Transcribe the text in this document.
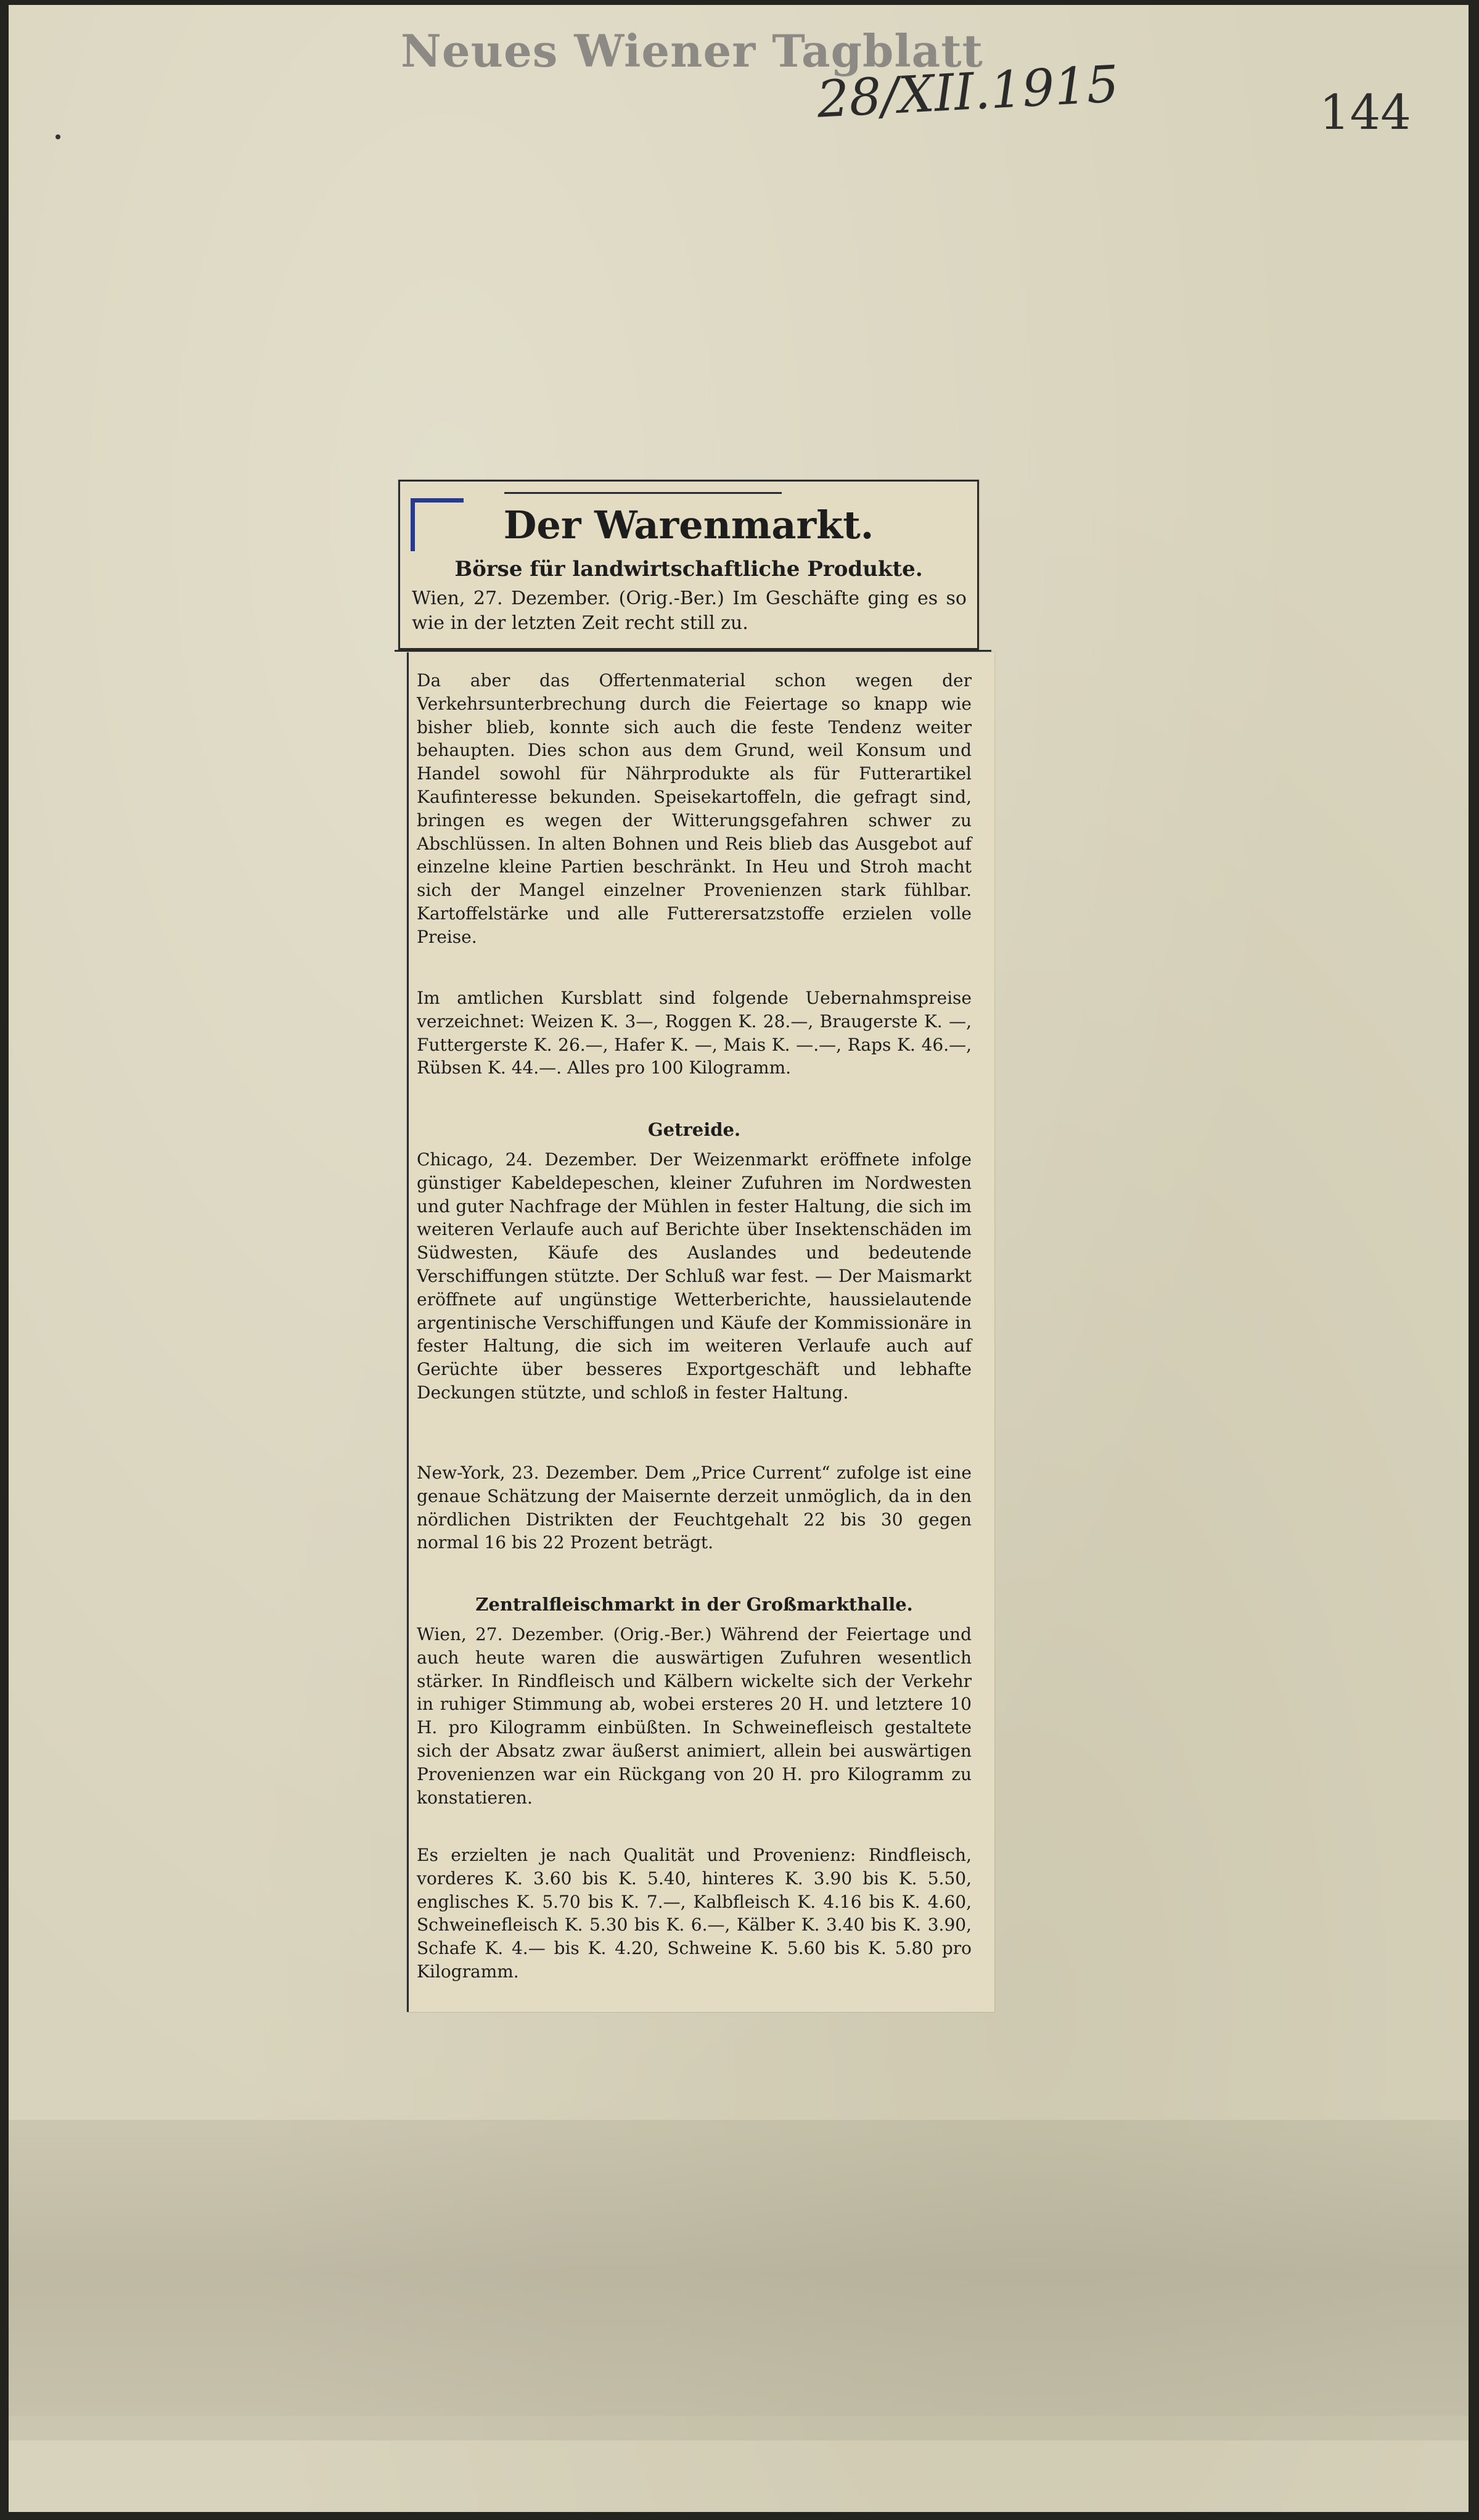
Neues Wiener Tagblatt
28/XII.1915	144
Der Warenmarkt.
Börse für landwirtschaftliche Produkte.
Wien, 27. Dezember. (Orig.-Ber.) Im Geschäfte ging es so wie in der letzten Zeit recht still zu.
Da aber das Offertenmaterial schon wegen der Verkehrsunterbrechung durch die Feiertage so knapp wie bisher blieb, konnte sich auch die feste Tendenz weiter behaupten. Dies schon aus dem Grund, weil Konsum und Handel sowohl für Nährprodukte als für Futterartikel Kaufinteresse bekunden. Speisekartoffeln, die gefragt sind, bringen es wegen der Witterungsgefahren schwer zu Abschlüssen. In alten Bohnen und Reis blieb das Ausgebot auf einzelne kleine Partien beschränkt. In Heu und Stroh macht sich der Mangel einzelner Provenienzen stark fühlbar. Kartoffelstärke und alle Futterersatzstoffe erzielen volle Preise.
Im amtlichen Kursblatt sind folgende Uebernahmspreise verzeichnet: Weizen K. 3—, Roggen K. 28.—, Braugerste K. —, Futtergerste K. 26.—, Hafer K. —, Mais K. —.—, Raps K. 46.—, Rübsen K. 44.—. Alles pro 100 Kilogramm.
Getreide.
Chicago, 24. Dezember. Der Weizenmarkt eröffnete infolge günstiger Kabeldepeschen, kleiner Zufuhren im Nordwesten und guter Nachfrage der Mühlen in fester Haltung, die sich im weiteren Verlaufe auch auf Berichte über Insektenschäden im Südwesten, Käufe des Auslandes und bedeutende Verschiffungen stützte. Der Schluß war fest. — Der Maismarkt eröffnete auf ungünstige Wetterberichte, haussielautende argentinische Verschiffungen und Käufe der Kommissionäre in fester Haltung, die sich im weiteren Verlaufe auch auf Gerüchte über besseres Exportgeschäft und lebhafte Deckungen stützte, und schloß in fester Haltung.
New-York, 23. Dezember. Dem „Price Current“ zufolge ist eine genaue Schätzung der Maisernte derzeit unmöglich, da in den nördlichen Distrikten der Feuchtgehalt 22 bis 30 gegen normal 16 bis 22 Prozent beträgt.
Zentralfleischmarkt in der Großmarkthalle.
Wien, 27. Dezember. (Orig.-Ber.) Während der Feiertage und auch heute waren die auswärtigen Zufuhren wesentlich stärker. In Rindfleisch und Kälbern wickelte sich der Verkehr in ruhiger Stimmung ab, wobei ersteres 20 H. und letztere 10 H. pro Kilogramm einbüßten. In Schweinefleisch gestaltete sich der Absatz zwar äußerst animiert, allein bei auswärtigen Provenienzen war ein Rückgang von 20 H. pro Kilogramm zu konstatieren.
Es erzielten je nach Qualität und Provenienz: Rindfleisch, vorderes K. 3.60 bis K. 5.40, hinteres K. 3.90 bis K. 5.50, englisches K. 5.70 bis K. 7.—, Kalbfleisch K. 4.16 bis K. 4.60, Schweinefleisch K. 5.30 bis K. 6.—, Kälber K. 3.40 bis K. 3.90, Schafe K. 4.— bis K. 4.20, Schweine K. 5.60 bis K. 5.80 pro Kilogramm.
